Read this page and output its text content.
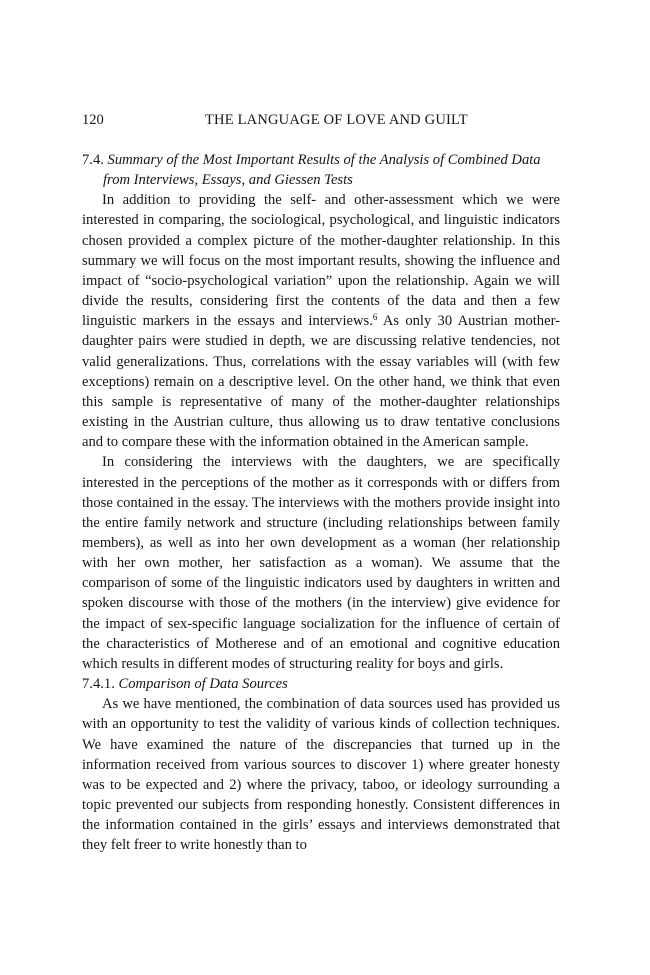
120	THE LANGUAGE OF LOVE AND GUILT
7.4. Summary of the Most Important Results of the Analysis of Combined Data from Interviews, Essays, and Giessen Tests

In addition to providing the self- and other-assessment which we were interested in comparing, the sociological, psychological, and linguistic indicators chosen provided a complex picture of the mother-daughter relationship. In this summary we will focus on the most important results, showing the influence and impact of “socio-psychological variation” upon the relationship. Again we will divide the results, considering first the contents of the data and then a few linguistic markers in the essays and interviews.$^6$ As only 30 Austrian mother-daughter pairs were studied in depth, we are discussing relative tendencies, not valid generalizations. Thus, correlations with the essay variables will (with few exceptions) remain on a descriptive level. On the other hand, we think that even this sample is representative of many of the mother-daughter relationships existing in the Austrian culture, thus allowing us to draw tentative conclusions and to compare these with the information obtained in the American sample.

In considering the interviews with the daughters, we are specifically interested in the perceptions of the mother as it corresponds with or differs from those contained in the essay. The interviews with the mothers provide insight into the entire family network and structure (including relationships between family members), as well as into her own development as a woman (her relationship with her own mother, her satisfaction as a woman). We assume that the comparison of some of the linguistic indicators used by daughters in written and spoken discourse with those of the mothers (in the interview) give evidence for the impact of sex-specific language socialization for the influence of certain of the characteristics of Motherese and of an emotional and cognitive education which results in different modes of structuring reality for boys and girls.

7.4.1. Comparison of Data Sources

As we have mentioned, the combination of data sources used has provided us with an opportunity to test the validity of various kinds of collection techniques. We have examined the nature of the discrepancies that turned up in the information received from various sources to discover 1) where greater honesty was to be expected and 2) where the privacy, taboo, or ideology surrounding a topic prevented our subjects from responding honestly. Consistent differences in the information contained in the girls’ essays and interviews demonstrated that they felt freer to write honestly than to
